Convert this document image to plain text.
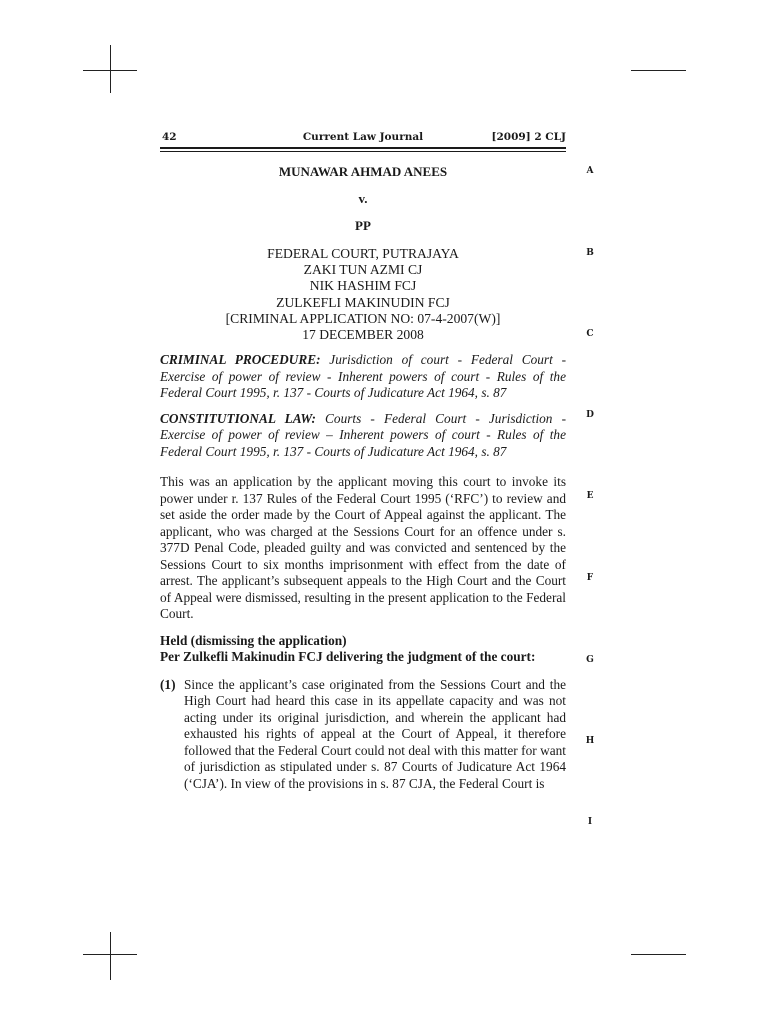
42	Current Law Journal	[2009] 2 CLJ
MUNAWAR AHMAD ANEES
v.
PP
FEDERAL COURT, PUTRAJAYA
ZAKI TUN AZMI CJ
NIK HASHIM FCJ
ZULKEFLI MAKINUDIN FCJ
[CRIMINAL APPLICATION NO: 07-4-2007(W)]
17 DECEMBER 2008

CRIMINAL PROCEDURE: Jurisdiction of court - Federal Court - Exercise of power of review - Inherent powers of court - Rules of the Federal Court 1995, r. 137 - Courts of Judicature Act 1964, s. 87

CONSTITUTIONAL LAW: Courts - Federal Court - Jurisdiction - Exercise of power of review – Inherent powers of court - Rules of the Federal Court 1995, r. 137 - Courts of Judicature Act 1964, s. 87

This was an application by the applicant moving this court to invoke its power under r. 137 Rules of the Federal Court 1995 (‘RFC’) to review and set aside the order made by the Court of Appeal against the applicant. The applicant, who was charged at the Sessions Court for an offence under s. 377D Penal Code, pleaded guilty and was convicted and sentenced by the Sessions Court to six months imprisonment with effect from the date of arrest. The applicant’s subsequent appeals to the High Court and the Court of Appeal were dismissed, resulting in the present application to the Federal Court.

Held (dismissing the application)
Per Zulkefli Makinudin FCJ delivering the judgment of the court:
(1) Since the applicant’s case originated from the Sessions Court and the High Court had heard this case in its appellate capacity and was not acting under its original jurisdiction, and wherein the applicant had exhausted his rights of appeal at the Court of Appeal, it therefore followed that the Federal Court could not deal with this matter for want of jurisdiction as stipulated under s. 87 Courts of Judicature Act 1964 (‘CJA’). In view of the provisions in s. 87 CJA, the Federal Court is
A
B
C
D
E
F
G
H
I
